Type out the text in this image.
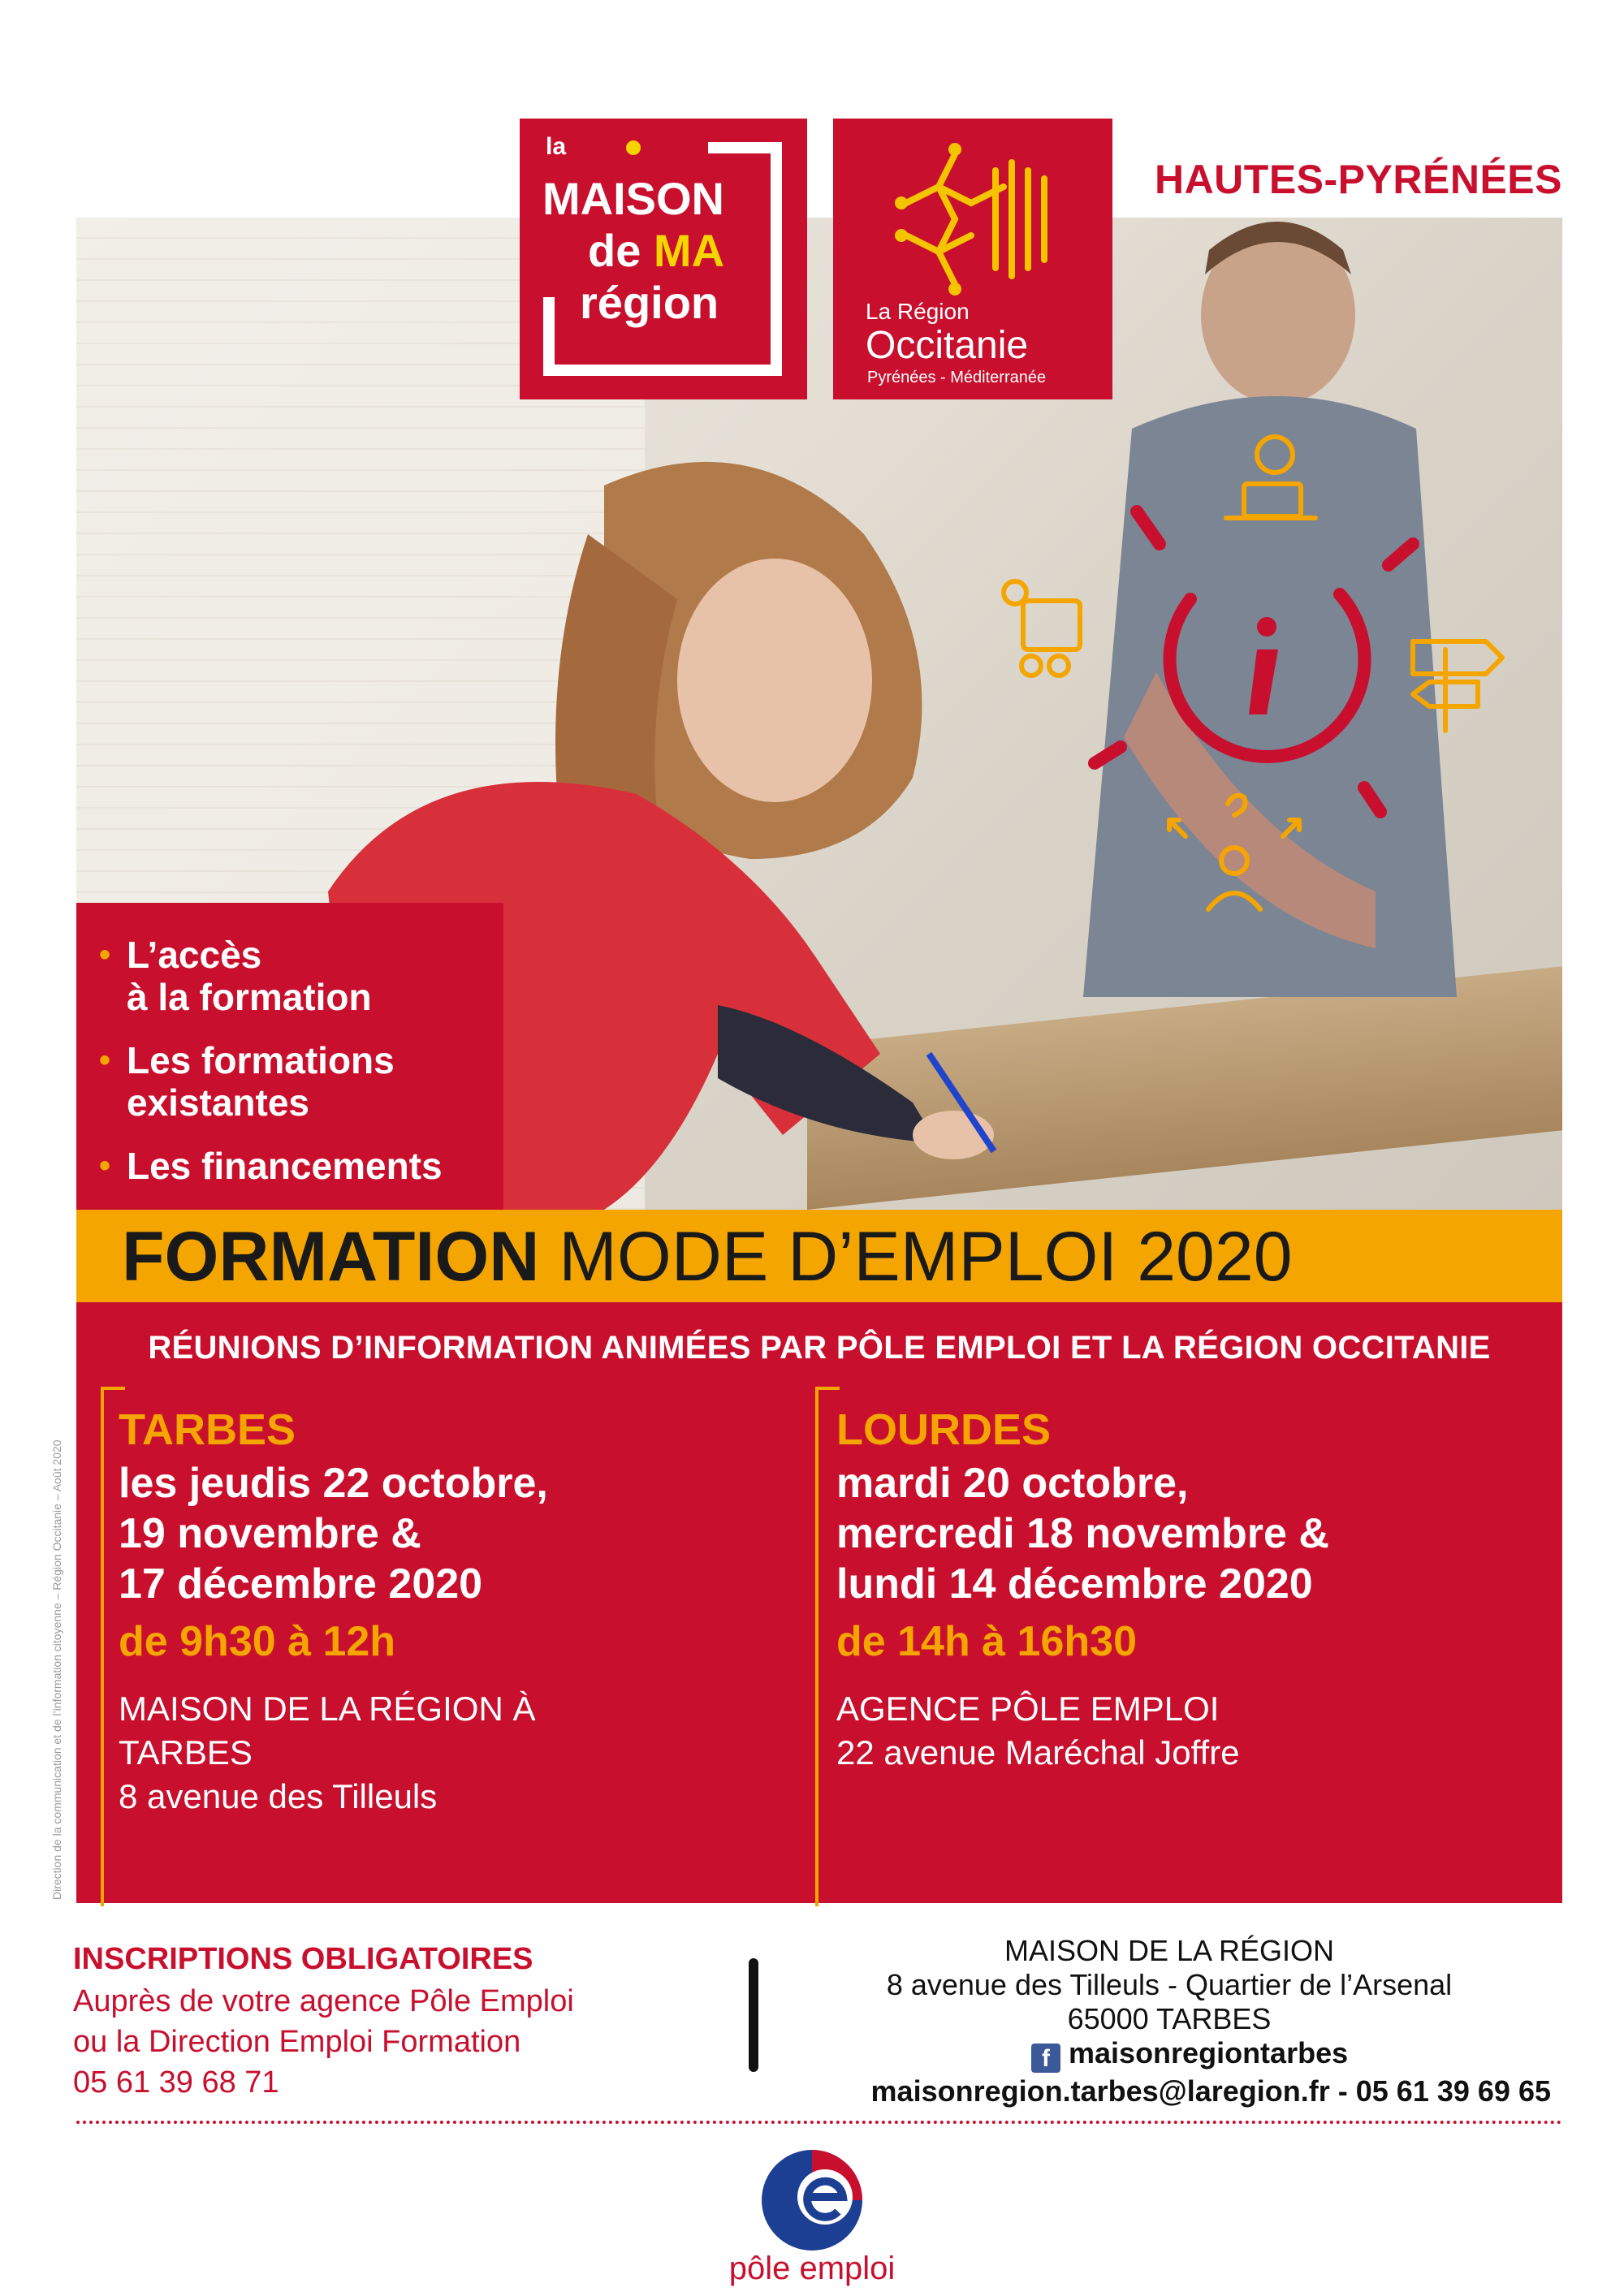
la
MAISON
de MA
région	La Région
Occitanie
Pyrénées - Méditerranée
HAUTES-PYRÉNÉES
• L’accès
à la formation
• Les formations
existantes
• Les financements
FORMATION MODE D’EMPLOI 2020
RÉUNIONS D’INFORMATION ANIMÉES PAR PÔLE EMPLOI ET LA RÉGION OCCITANIE
TARBES
les jeudis 22 octobre,
19 novembre &
17 décembre 2020
de 9h30 à 12h
MAISON DE LA RÉGION À
TARBES
8 avenue des Tilleuls
LOURDES
mardi 20 octobre,
mercredi 18 novembre &
lundi 14 décembre 2020
de 14h à 16h30
AGENCE PÔLE EMPLOI
22 avenue Maréchal Joffre
Direction de la communication et de l’information citoyenne – Région Occitanie – Août 2020
INSCRIPTIONS OBLIGATOIRES
Auprès de votre agence Pôle Emploi
ou la Direction Emploi Formation
05 61 39 68 71
MAISON DE LA RÉGION
8 avenue des Tilleuls - Quartier de l’Arsenal
65000 TARBES
f maisonregiontarbes
maisonregion.tarbes@laregion.fr - 05 61 39 69 65
pôle emploi
